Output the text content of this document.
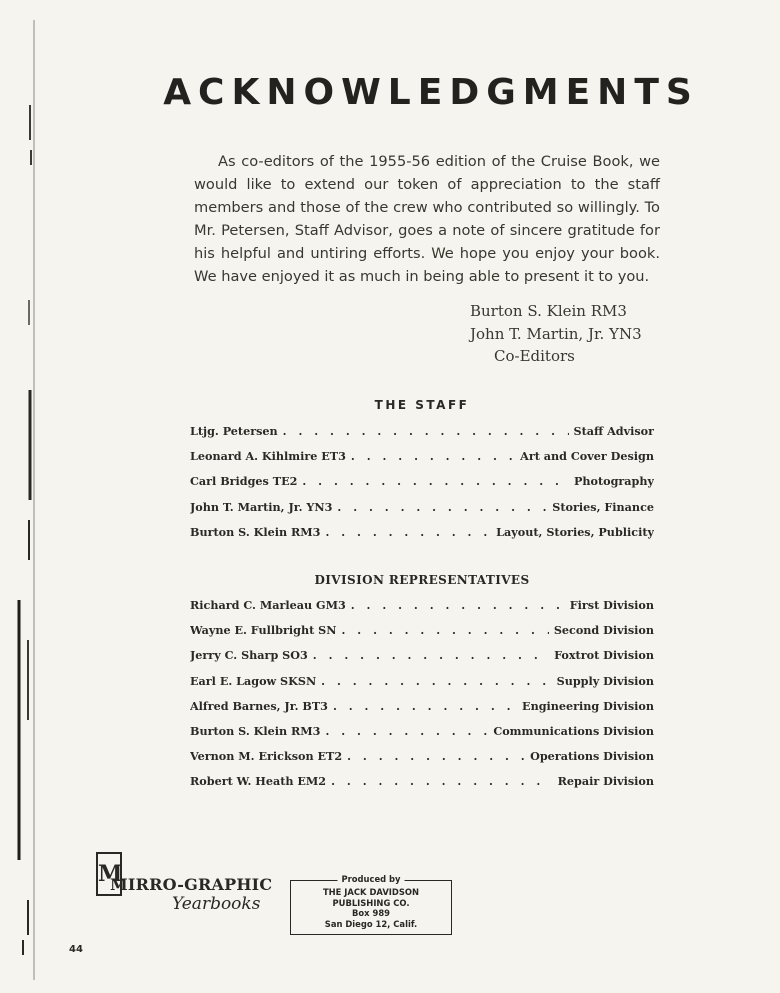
ACKNOWLEDGMENTS

As co-editors of the 1955-56 edition of the Cruise Book, we would like to extend our token of appreciation to the staff members and those of the crew who contributed so willingly. To Mr. Petersen, Staff Advisor, goes a note of sincere gratitude for his helpful and untiring efforts. We hope you enjoy your book. We have enjoyed it as much in being able to present it to you.

Burton S. Klein RM3
John T. Martin, Jr. YN3
Co-Editors
THE STAFF
Ltjg. Petersen . . .	Staff Advisor
Leonard A. Kihlmire ET3 . . .	Art and Cover Design
Carl Bridges TE2 . . .	Photography
John T. Martin, Jr. YN3 . . .	Stories, Finance
Burton S. Klein RM3 . . .	Layout, Stories, Publicity
DIVISION REPRESENTATIVES
Richard C. Marleau GM3 . . .	First Division
Wayne E. Fullbright SN . . .	Second Division
Jerry C. Sharp SO3 . . .	Foxtrot Division
Earl E. Lagow SKSN . . .	Supply Division
Alfred Barnes, Jr. BT3 . . .	Engineering Division
Burton S. Klein RM3 . . .	Communications Division
Vernon M. Erickson ET2 . . .	Operations Division
Robert W. Heath EM2 . . .	Repair Division
M
MIRRO-GRAPHIC
Yearbooks
Produced by
THE JACK DAVIDSON
PUBLISHING CO.
Box 989
San Diego 12, Calif.
44
